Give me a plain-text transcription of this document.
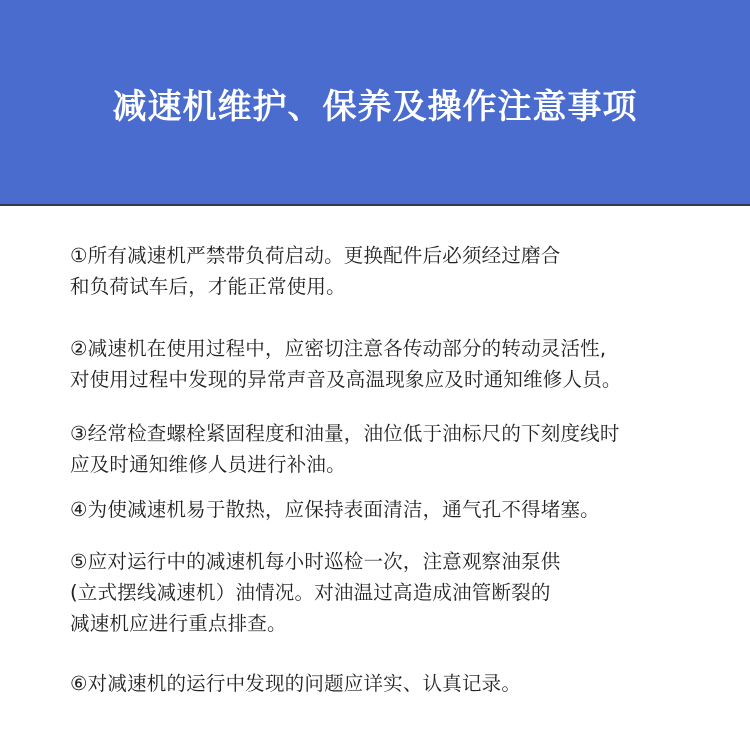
减速机维护、保养及操作注意事项
①所有减速机严禁带负荷启动。更换配件后必须经过磨合
和负荷试车后，才能正常使用。
②减速机在使用过程中，应密切注意各传动部分的转动灵活性,
对使用过程中发现的异常声音及高温现象应及时通知维修人员。
③经常检查螺栓紧固程度和油量，油位低于油标尺的下刻度线时
应及时通知维修人员进行补油。
④为使减速机易于散热，应保持表面清洁，通气孔不得堵塞。
⑤应对运行中的减速机每小时巡检一次，注意观察油泵供
(立式摆线减速机）油情况。对油温过高造成油管断裂的
减速机应进行重点排查。
⑥对减速机的运行中发现的问题应详实、认真记录。
